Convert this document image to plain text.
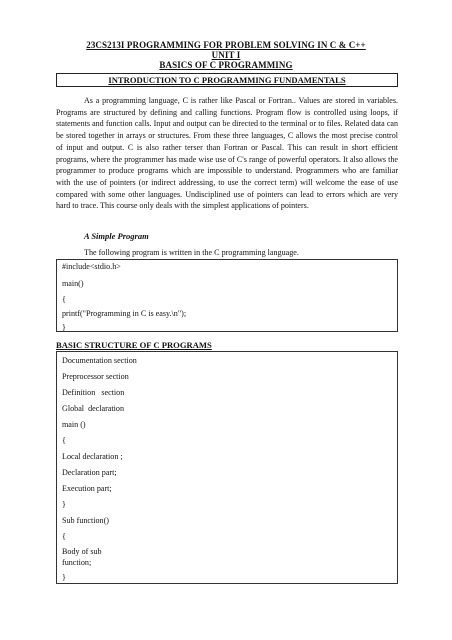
23CS213I PROGRAMMING FOR PROBLEM SOLVING IN C & C++
UNIT I
BASICS OF C PROGRAMMING
INTRODUCTION TO C PROGRAMMING FUNDAMENTALS

As a programming language, C is rather like Pascal or Fortran.. Values are stored in variables. Programs are structured by defining and calling functions. Program flow is controlled using loops, if statements and function calls. Input and output can be directed to the terminal or to files. Related data can be stored together in arrays or structures. From these three languages, C allows the most precise control of input and output. C is also rather terser than Fortran or Pascal. This can result in short efficient programs, where the programmer has made wise use of C's range of powerful operators. It also allows the programmer to produce programs which are impossible to understand. Programmers who are familiar with the use of pointers (or indirect addressing, to use the correct term) will welcome the ease of use compared with some other languages. Undisciplined use of pointers can lead to errors which are very hard to trace. This course only deals with the simplest applications of pointers.

A Simple Program
The following program is written in the C programming language.
#include<stdio.h>
main()
{
printf("Programming in C is easy.\n");
}
BASIC STRUCTURE OF C PROGRAMS
Documentation section
Preprocessor section
Definition   section
Global  declaration
main ()
{
Local declaration ;
Declaration part;
Execution part;
}
Sub function()
{
Body of sub
function;
}
